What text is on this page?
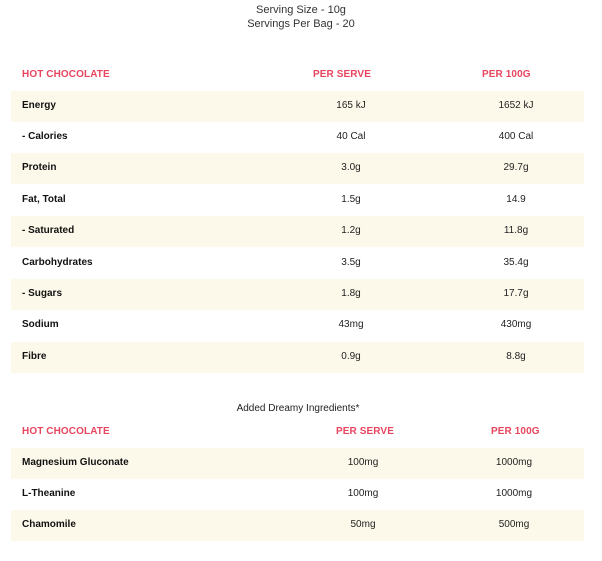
Serving Size - 10g
Servings Per Bag - 20
HOT CHOCOLATE	PER SERVE	PER 100G
Energy	165 kJ	1652 kJ
- Calories	40 Cal	400 Cal
Protein	3.0g	29.7g
Fat, Total	1.5g	14.9
- Saturated	1.2g	11.8g
Carbohydrates	3.5g	35.4g
- Sugars	1.8g	17.7g
Sodium	43mg	430mg
Fibre	0.9g	8.8g
Added Dreamy Ingredients*
HOT CHOCOLATE	PER SERVE	PER 100G
Magnesium Gluconate	100mg	1000mg
L-Theanine	100mg	1000mg
Chamomile	50mg	500mg
